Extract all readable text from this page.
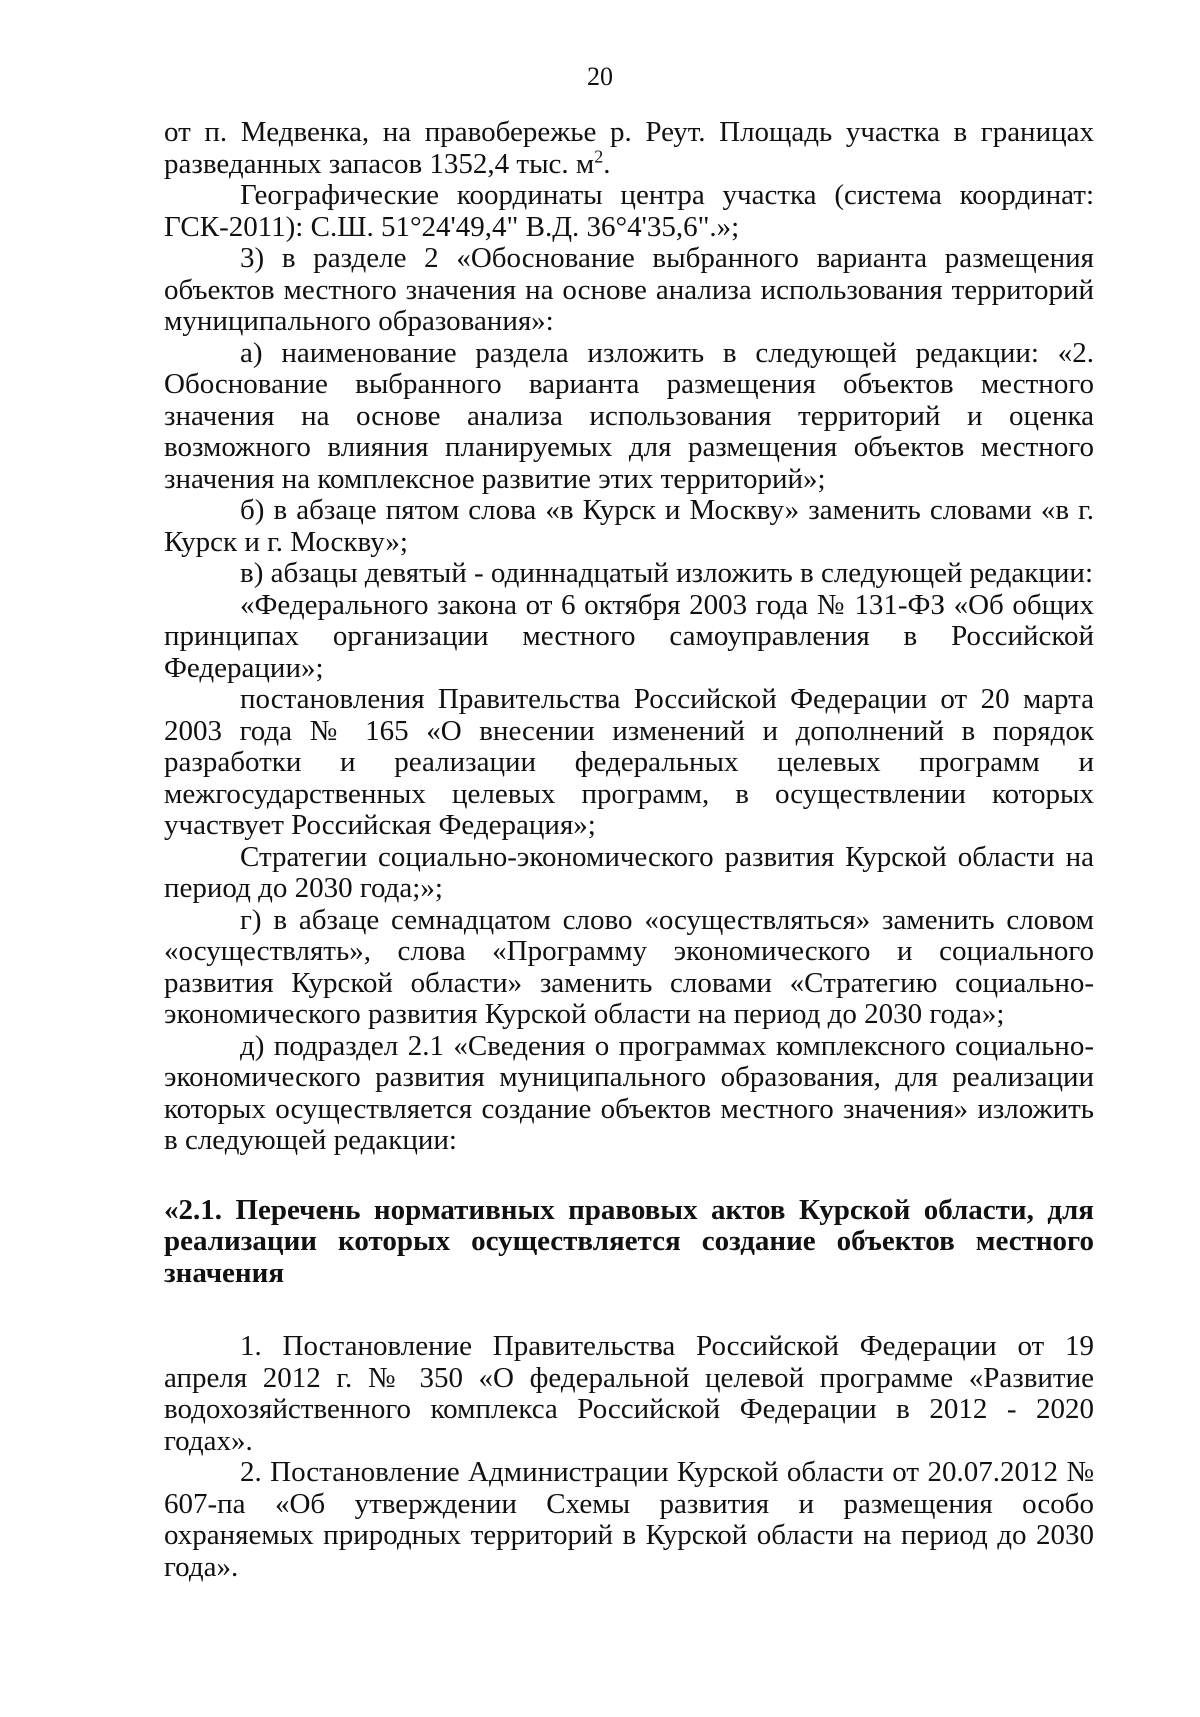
20

от п. Медвенка, на правобережье р. Реут. Площадь участка в границах разведанных запасов 1352,4 тыс. $м^2$.

Географические координаты центра участка (система координат: ГСК-2011): С.Ш. 51°24'49,4" В.Д. 36°4'35,6".»;

3) в разделе 2 «Обоснование выбранного варианта размещения объектов местного значения на основе анализа использования территорий муниципального образования»:

а) наименование раздела изложить в следующей редакции: «2. Обоснование выбранного варианта размещения объектов местного значения на основе анализа использования территорий и оценка возможного влияния планируемых для размещения объектов местного значения на комплексное развитие этих территорий»;

б) в абзаце пятом слова «в Курск и Москву» заменить словами «в г. Курск и г. Москву»;

в) абзацы девятый - одиннадцатый изложить в следующей редакции:

«Федерального закона от 6 октября 2003 года № 131-ФЗ «Об общих принципах организации местного самоуправления в Российской Федерации»;

постановления Правительства Российской Федерации от 20 марта 2003 года № 165 «О внесении изменений и дополнений в порядок разработки и реализации федеральных целевых программ и межгосударственных целевых программ, в осуществлении которых участвует Российская Федерация»;

Стратегии социально-экономического развития Курской области на период до 2030 года;»;

г) в абзаце семнадцатом слово «осуществляться» заменить словом «осуществлять», слова «Программу экономического и социального развития Курской области» заменить словами «Стратегию социально-экономического развития Курской области на период до 2030 года»;

д) подраздел 2.1 «Сведения о программах комплексного социально-экономического развития муниципального образования, для реализации которых осуществляется создание объектов местного значения» изложить в следующей редакции:

«2.1. Перечень нормативных правовых актов Курской области, для реализации которых осуществляется создание объектов местного значения

1. Постановление Правительства Российской Федерации от 19 апреля 2012 г. № 350 «О федеральной целевой программе «Развитие водохозяйственного комплекса Российской Федерации в 2012 - 2020 годах».

2. Постановление Администрации Курской области от 20.07.2012 № 607-па «Об утверждении Схемы развития и размещения особо охраняемых природных территорий в Курской области на период до 2030 года».
